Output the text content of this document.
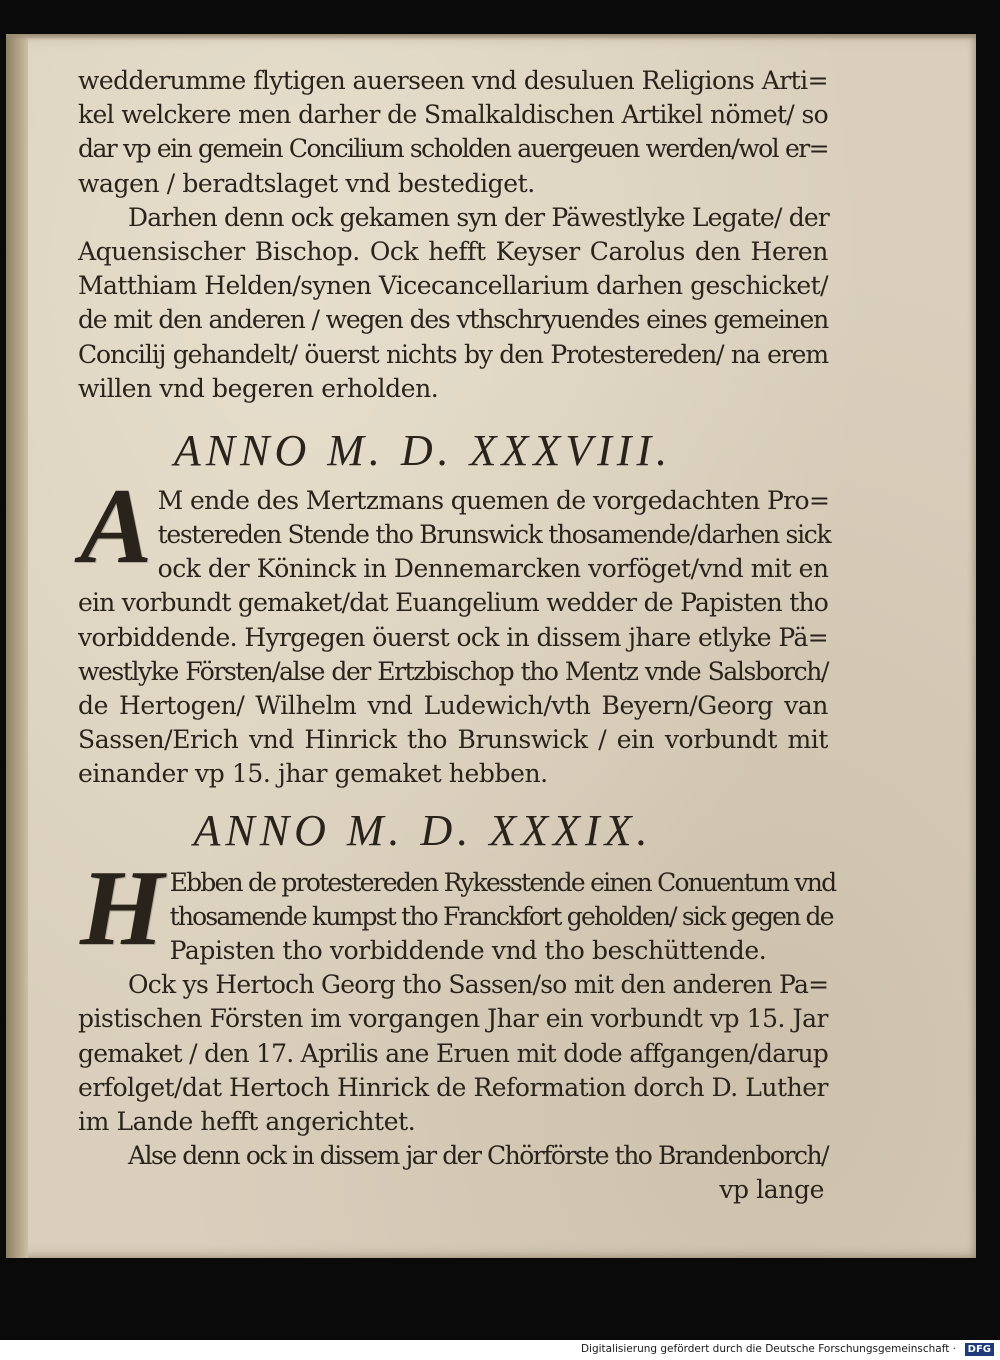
wedderumme flytigen auerseen vnd desuluen Religions Arti=
kel welckere men darher de Smalkaldischen Artikel nömet/ so
dar vp ein gemein Concilium scholden auergeuen werden/wol er=
wagen / beradtslaget vnd bestediget.
Darhen denn ock gekamen syn der Päwestlyke Legate/ der
Aquensischer Bischop. Ock hefft Keyser Carolus den Heren
Matthiam Helden/synen Vicecancellarium darhen geschicket/
de mit den anderen / wegen des vthschryuendes eines gemeinen
Concilij gehandelt/ öuerst nichts by den Protestereden/ na erem
willen vnd begeren erholden.
ANNO M. D. XXXVIII.
A M ende des Mertzmans quemen de vorgedachten Pro=
testereden Stende tho Brunswick thosamende/darhen sick
ock der Köninck in Dennemarcken vorföget/vnd mit en
ein vorbundt gemaket/dat Euangelium wedder de Papisten tho
vorbiddende. Hyrgegen öuerst ock in dissem jhare etlyke Pä=
westlyke Försten/alse der Ertzbischop tho Mentz vnde Salsborch/
de Hertogen/ Wilhelm vnd Ludewich/vth Beyern/Georg van
Sassen/Erich vnd Hinrick tho Brunswick / ein vorbundt mit
einander vp 15. jhar gemaket hebben.
ANNO M. D. XXXIX.
H Ebben de protestereden Rykesstende einen Conuentum vnd
thosamende kumpst tho Franckfort geholden/ sick gegen de
Papisten tho vorbiddende vnd tho beschüttende.
Ock ys Hertoch Georg tho Sassen/so mit den anderen Pa=
pistischen Försten im vorgangen Jhar ein vorbundt vp 15. Jar
gemaket / den 17. Aprilis ane Eruen mit dode affgangen/darup
erfolget/dat Hertoch Hinrick de Reformation dorch D. Luther
im Lande hefft angerichtet.
Alse denn ock in dissem jar der Chörförste tho Brandenborch/
vp lange
Digitalisierung gefördert durch die Deutsche Forschungsgemeinschaft ·	DFG
